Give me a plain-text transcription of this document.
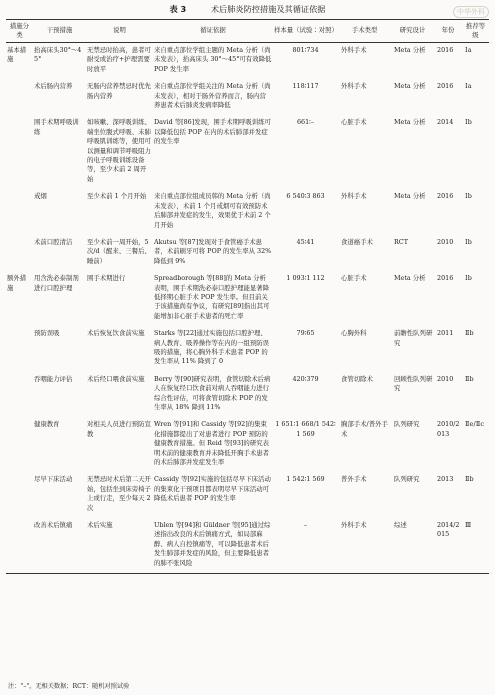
表 3	术后肺炎防控措施及其循证依据	中华外科
措施分类	干预措施	说明	循证依据	样本量（试验∶对照）	手术类型	研究设计	年份	推荐等级
基本措施	抬高床头30°～45°	无禁忌时抬高，患者可耐受或治疗+护理需要时放平	来自重点部位学组主题的 Meta 分析（尚未发表），抬高床头 30°～45°可有效降低 POP 发生率	801∶734	外科手术	Meta 分析	2016	Ⅰa
	术后肠内营养	无肠内营养禁忌时优先肠内营养	来自重点部位学组关注的 Meta 分析（尚未发表），相对于肠外营养而言，肠内营养患者术后肺炎发病率降低	118∶117	外科手术	Meta 分析	2016	Ⅰa
	围手术期呼吸训练	如咳嗽、深呼吸训练、端坐位腹式呼吸、未肺呼吸肌训练等，使用可以测量和调节呼吸阻力的电子呼吸训练设备等，至少术前 2 周开始	David 等[86]发现，围手术期呼吸训练可以降低包括 POP 在内的术后肺部并发症的发生率	661∶–	心脏手术	Meta 分析	2014	Ⅰb
	戒烟	至少术前 1 个月开始	来自重点部位组成员韩的 Meta 分析（尚未发表），术前 1 个月戒烟可有效预防术后肺部并发症的发生，效果优于术前 2 个月开始	6 540∶3 863	外科手术	Meta 分析	2016	Ⅰb
	术前口腔清洁	至少术前一周开始，5 次/d（醒来、三餐后、睡前）	Akutsu 等[87]发现对于食管癌手术患者，术前刷牙可将 POP 的发生率从 32% 降低到 9%	45∶41	食道癌手术	RCT	2010	Ⅰb
额外措施	用含洗必泰制剂进行口腔护理	围手术期进行	Spreadborough 等[88]的 Meta 分析表明，围手术期洗必泰口腔护理能显著降低择期心脏手术 POP 发生率。但目前关于该措施尚有争议，有研究[89]指出其可能增加非心脏手术患者的死亡率	1 093∶1 112	心脏手术	Meta 分析	2016	Ⅰb
	预防误吸	术后恢复饮食前实施	Starks 等[22]通过实施包括口腔护理、病人教育、吸养操作等在内的一组预防误吸的措施，将心胸外科手术患者 POP 的发生率从 11% 降到了 0	79∶65	心胸外科	前瞻性队列研究	2011	Ⅱb
	吞咽能力评估	术后经口喂食前实施	Berry 等[90]研究表明，食管切除术后病人在恢复经口饮食前对病人吞咽能力进行综合性评估，可将食管切除术 POP 的发生率从 18% 降到 11%	420∶379	食管切除术	回顾性队列研究	2010	Ⅱb
	健康教育	对相关人员进行预防宣教	Wren 等[91]和 Cassidy 等[92]的集束化措施都提出了对患者进行 POP 预防的健康教育措施。但 Reid 等[93]的研究表明术前的健康教育并未降低开胸手术患者的术后肺部并发症发生率	1 651∶1 668/1 542∶1 569	胸部手术/普外手术	队列研究	2010/2013	Ⅱe/Ⅱc
	尽早下床活动	无禁忌时术后第二天开始，包括坐到床旁椅子上或行走，至少每天 2 次	Cassidy 等[92]实施的包括尽早下床活动的集束化干预项目都表明尽早下床活动可降低术后患者 POP 的发生率	1 542∶1 569	普外手术	队列研究	2013	Ⅱb
	改善术后镇痛	术后实施	Ublen 等[94]和 Güldner 等[95]通过综述指出改良的术后镇痛方式，如局部麻醉、病人自控镇痛等，可以降低患者术后发生肺部并发症的风险，但主要降低患者的肺不张风险	–	外科手术	综述	2014/2015	Ⅲ
注："–"，无相关数据；RCT：随机对照试验
